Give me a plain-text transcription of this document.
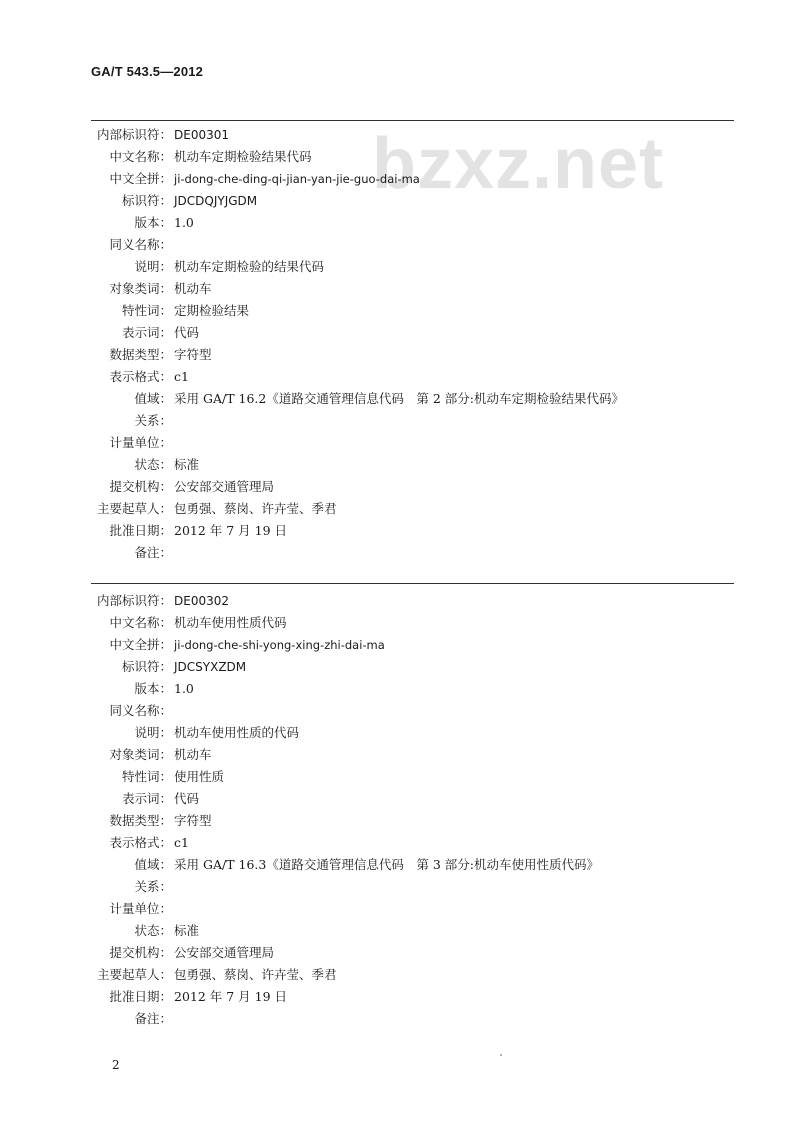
GA/T 543.5—2012
bzxz.net
内部标识符： DE00301
中文名称： 机动车定期检验结果代码
中文全拼： ji-dong-che-ding-qi-jian-yan-jie-guo-dai-ma
标识符： JDCDQJYJGDM
版本： 1.0
同义名称：
说明： 机动车定期检验的结果代码
对象类词： 机动车
特性词： 定期检验结果
表示词： 代码
数据类型： 字符型
表示格式： c1
值域： 采用 GA/T 16.2《道路交通管理信息代码　第 2 部分:机动车定期检验结果代码》
关系：
计量单位：
状态： 标准
提交机构： 公安部交通管理局
主要起草人： 包勇强、蔡岗、许卉莹、季君
批准日期： 2012 年 7 月 19 日
备注：
内部标识符： DE00302
中文名称： 机动车使用性质代码
中文全拼： ji-dong-che-shi-yong-xing-zhi-dai-ma
标识符： JDCSYXZDM
版本： 1.0
同义名称：
说明： 机动车使用性质的代码
对象类词： 机动车
特性词： 使用性质
表示词： 代码
数据类型： 字符型
表示格式： c1
值域： 采用 GA/T 16.3《道路交通管理信息代码　第 3 部分:机动车使用性质代码》
关系：
计量单位：
状态： 标准
提交机构： 公安部交通管理局
主要起草人： 包勇强、蔡岗、许卉莹、季君
批准日期： 2012 年 7 月 19 日
备注：
2
